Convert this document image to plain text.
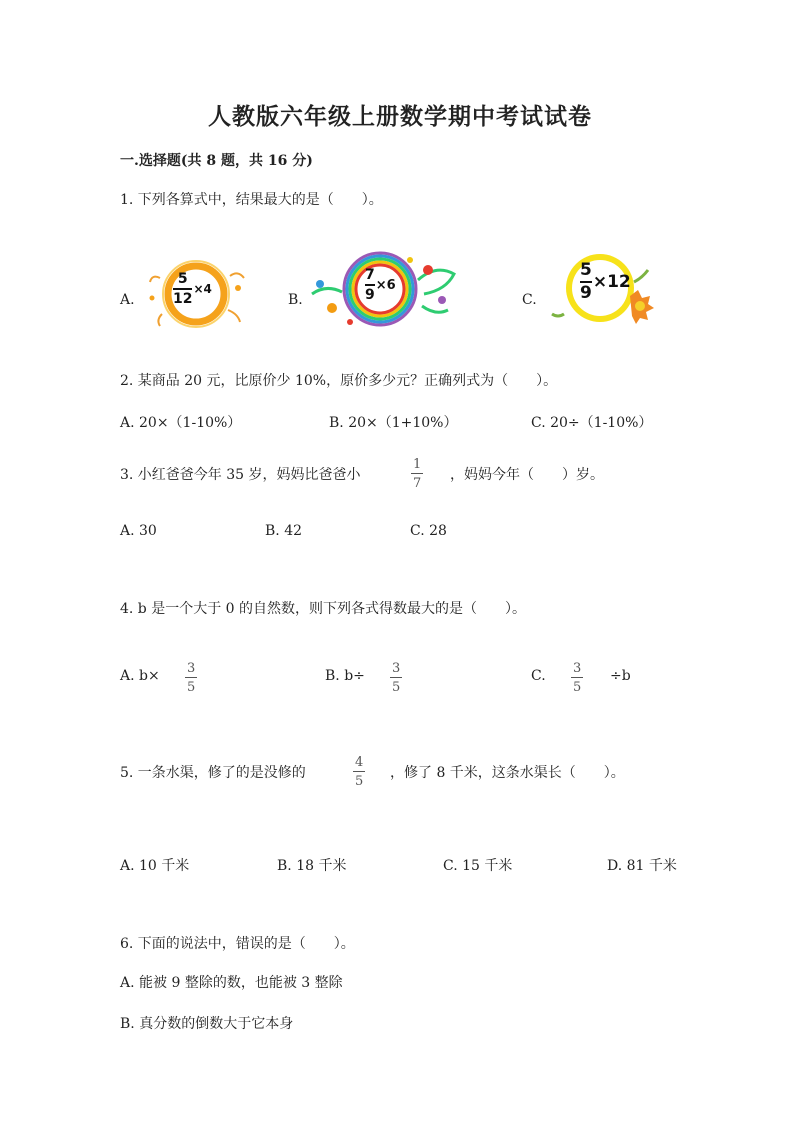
人教版六年级上册数学期中考试试卷
一.选择题(共 8 题，共 16 分)
1. 下列各算式中，结果最大的是（　　）。
A.
5
12
×4
B.
7
9
×6
C.
5
9
×12
2. 某商品 20 元，比原价少 10%，原价多少元？正确列式为（　　）。
A. 20×（1-10%）	B. 20×（1+10%）	C. 20÷（1-10%）
3. 小红爸爸今年 35 岁，妈妈比爸爸小
1
7
，妈妈今年（　　）岁。
A. 30	B. 42	C. 28
4. b 是一个大于 0 的自然数，则下列各式得数最大的是（　　）。
A. b× 3
5
B. b÷ 3
5
C. 3
5
÷b
5. 一条水渠，修了的是没修的
4
5
，修了 8 千米，这条水渠长（　　）。
A. 10 千米	B. 18 千米	C. 15 千米	D. 81 千米
6. 下面的说法中，错误的是（　　）。
A. 能被 9 整除的数，也能被 3 整除
B. 真分数的倒数大于它本身
